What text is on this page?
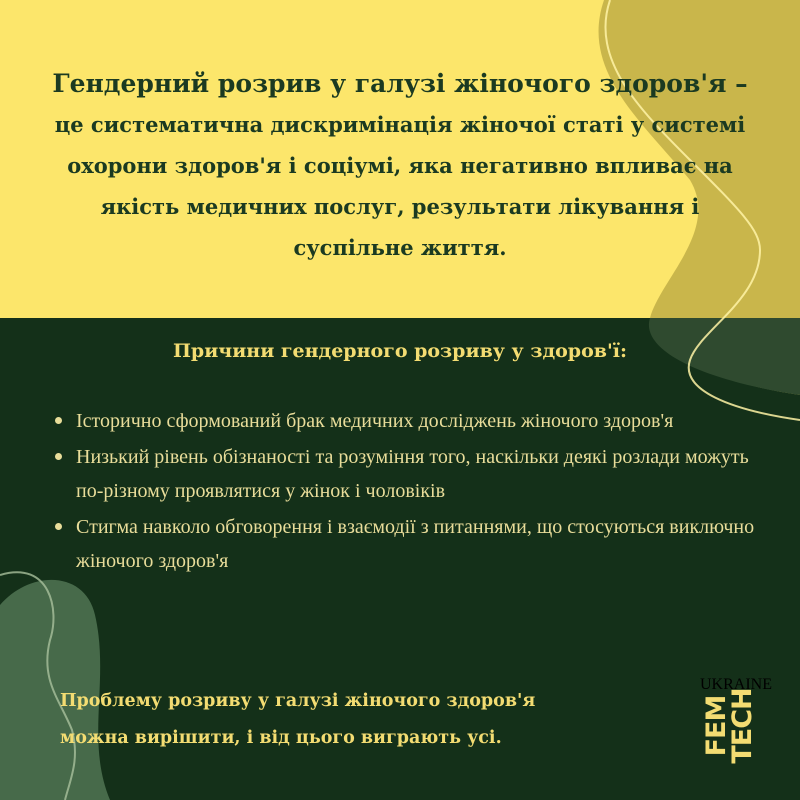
Гендерний розрив у галузі жіночого здоров'я –
це систематична дискримінація жіночої статі у системі охорони здоров'я і соціумі, яка негативно впливає на якість медичних послуг, результати лікування і суспільне життя.
Причини гендерного розриву у здоров'ї:
Історично сформований брак медичних досліджень жіночого здоров'я
Низький рівень обізнаності та розуміння того, наскільки деякі розлади можуть по-різному проявлятися у жінок і чоловіків
Стигма навколо обговорення і взаємодії з питаннями, що стосуються виключно жіночого здоров'я
Проблему розриву у галузі жіночого здоров'я
можна вирішити, і від цього виграють усі.	FEM
TECH
UKRAINE
